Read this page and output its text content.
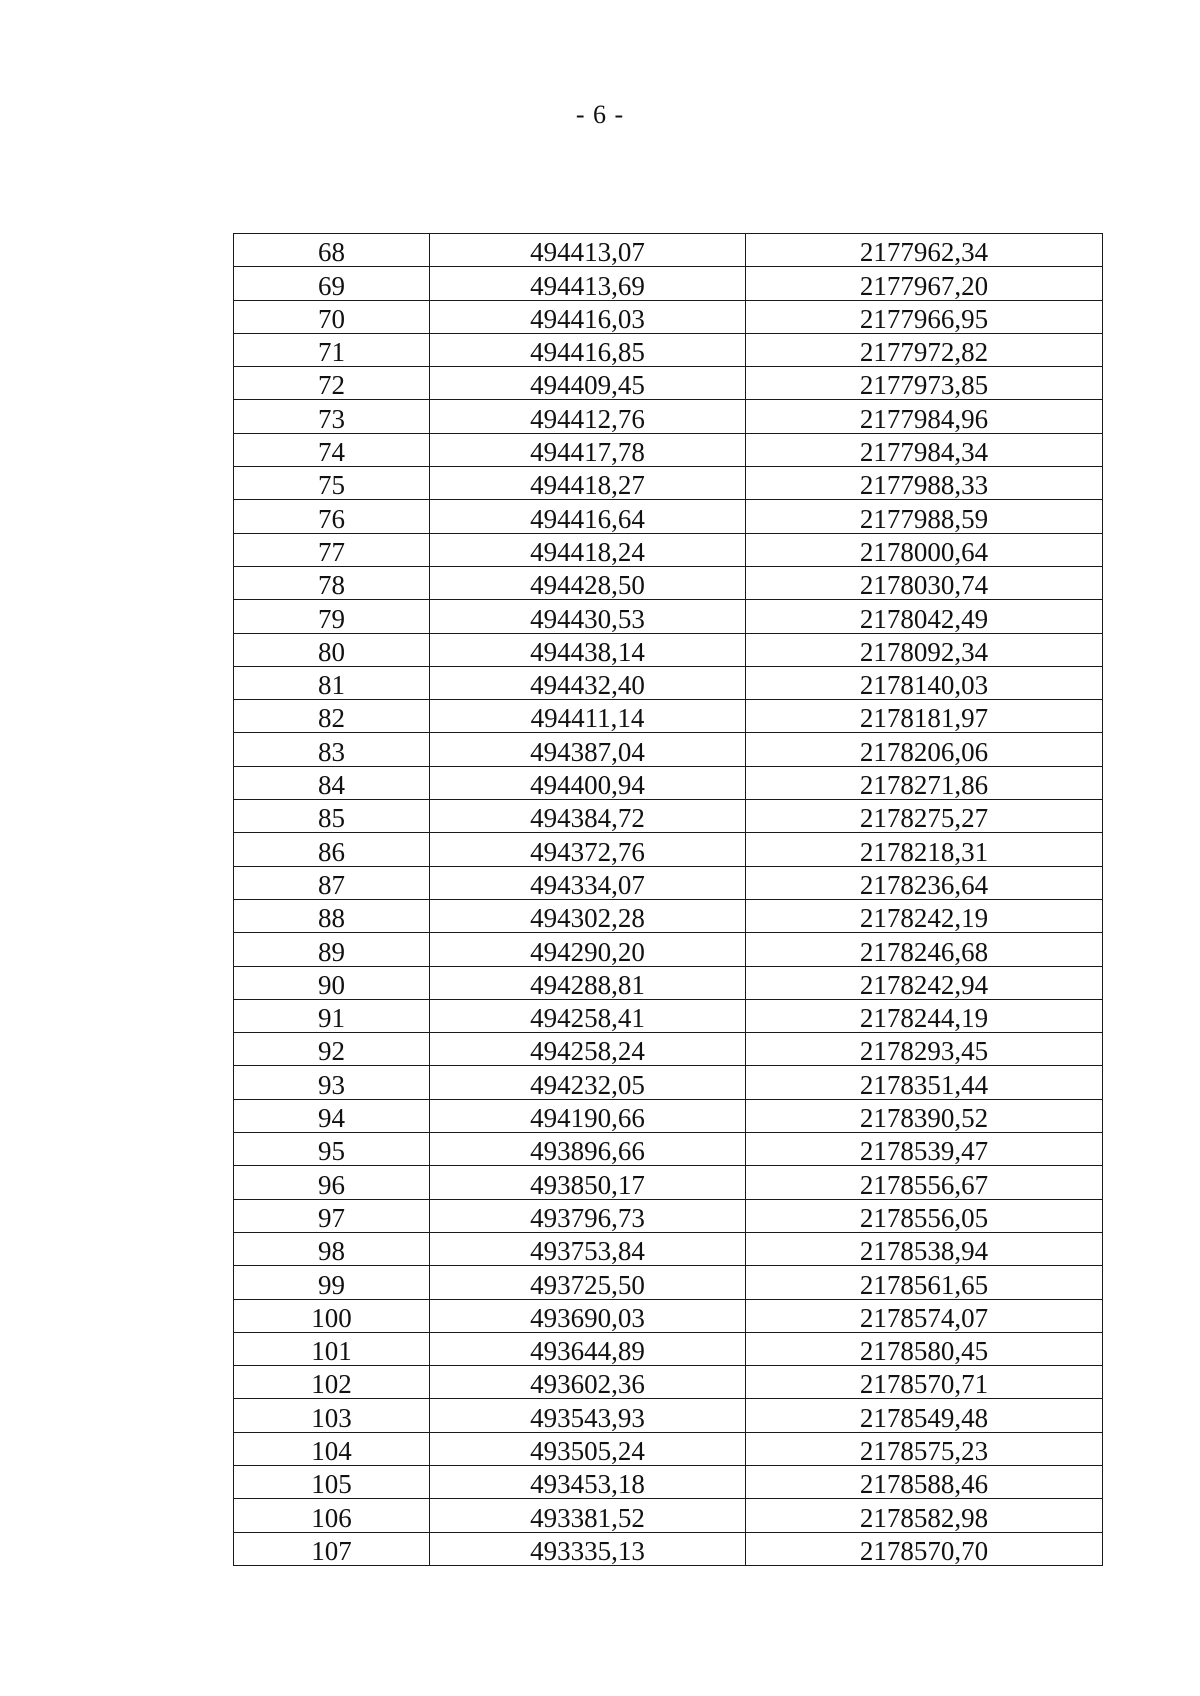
- 6 -
68	494413,07	2177962,34
69	494413,69	2177967,20
70	494416,03	2177966,95
71	494416,85	2177972,82
72	494409,45	2177973,85
73	494412,76	2177984,96
74	494417,78	2177984,34
75	494418,27	2177988,33
76	494416,64	2177988,59
77	494418,24	2178000,64
78	494428,50	2178030,74
79	494430,53	2178042,49
80	494438,14	2178092,34
81	494432,40	2178140,03
82	494411,14	2178181,97
83	494387,04	2178206,06
84	494400,94	2178271,86
85	494384,72	2178275,27
86	494372,76	2178218,31
87	494334,07	2178236,64
88	494302,28	2178242,19
89	494290,20	2178246,68
90	494288,81	2178242,94
91	494258,41	2178244,19
92	494258,24	2178293,45
93	494232,05	2178351,44
94	494190,66	2178390,52
95	493896,66	2178539,47
96	493850,17	2178556,67
97	493796,73	2178556,05
98	493753,84	2178538,94
99	493725,50	2178561,65
100	493690,03	2178574,07
101	493644,89	2178580,45
102	493602,36	2178570,71
103	493543,93	2178549,48
104	493505,24	2178575,23
105	493453,18	2178588,46
106	493381,52	2178582,98
107	493335,13	2178570,70
